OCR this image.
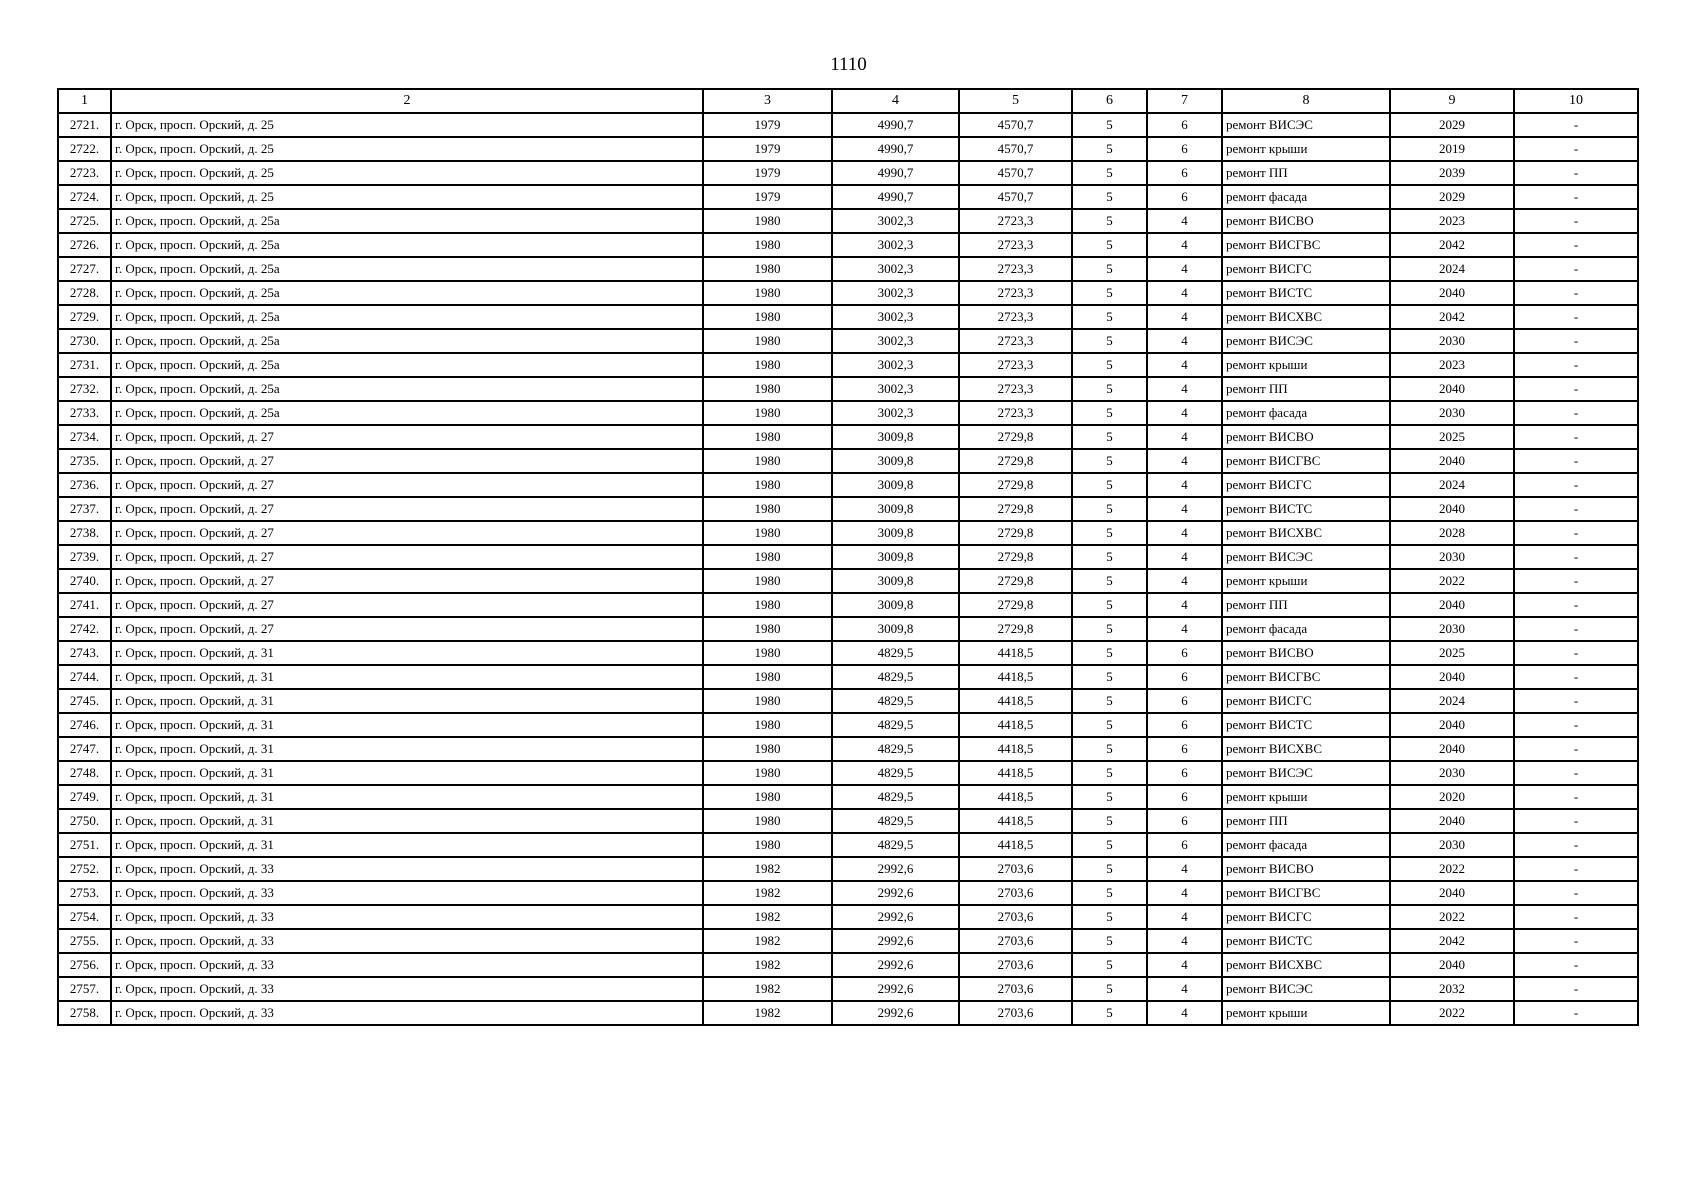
1110
1	2	3	4	5	6	7	8	9	10
2721.	г. Орск, просп. Орский, д. 25	1979	4990,7	4570,7	5	6	ремонт ВИСЭС	2029	-
2722.	г. Орск, просп. Орский, д. 25	1979	4990,7	4570,7	5	6	ремонт крыши	2019	-
2723.	г. Орск, просп. Орский, д. 25	1979	4990,7	4570,7	5	6	ремонт ПП	2039	-
2724.	г. Орск, просп. Орский, д. 25	1979	4990,7	4570,7	5	6	ремонт фасада	2029	-
2725.	г. Орск, просп. Орский, д. 25а	1980	3002,3	2723,3	5	4	ремонт ВИСВО	2023	-
2726.	г. Орск, просп. Орский, д. 25а	1980	3002,3	2723,3	5	4	ремонт ВИСГВС	2042	-
2727.	г. Орск, просп. Орский, д. 25а	1980	3002,3	2723,3	5	4	ремонт ВИСГС	2024	-
2728.	г. Орск, просп. Орский, д. 25а	1980	3002,3	2723,3	5	4	ремонт ВИСТС	2040	-
2729.	г. Орск, просп. Орский, д. 25а	1980	3002,3	2723,3	5	4	ремонт ВИСХВС	2042	-
2730.	г. Орск, просп. Орский, д. 25а	1980	3002,3	2723,3	5	4	ремонт ВИСЭС	2030	-
2731.	г. Орск, просп. Орский, д. 25а	1980	3002,3	2723,3	5	4	ремонт крыши	2023	-
2732.	г. Орск, просп. Орский, д. 25а	1980	3002,3	2723,3	5	4	ремонт ПП	2040	-
2733.	г. Орск, просп. Орский, д. 25а	1980	3002,3	2723,3	5	4	ремонт фасада	2030	-
2734.	г. Орск, просп. Орский, д. 27	1980	3009,8	2729,8	5	4	ремонт ВИСВО	2025	-
2735.	г. Орск, просп. Орский, д. 27	1980	3009,8	2729,8	5	4	ремонт ВИСГВС	2040	-
2736.	г. Орск, просп. Орский, д. 27	1980	3009,8	2729,8	5	4	ремонт ВИСГС	2024	-
2737.	г. Орск, просп. Орский, д. 27	1980	3009,8	2729,8	5	4	ремонт ВИСТС	2040	-
2738.	г. Орск, просп. Орский, д. 27	1980	3009,8	2729,8	5	4	ремонт ВИСХВС	2028	-
2739.	г. Орск, просп. Орский, д. 27	1980	3009,8	2729,8	5	4	ремонт ВИСЭС	2030	-
2740.	г. Орск, просп. Орский, д. 27	1980	3009,8	2729,8	5	4	ремонт крыши	2022	-
2741.	г. Орск, просп. Орский, д. 27	1980	3009,8	2729,8	5	4	ремонт ПП	2040	-
2742.	г. Орск, просп. Орский, д. 27	1980	3009,8	2729,8	5	4	ремонт фасада	2030	-
2743.	г. Орск, просп. Орский, д. 31	1980	4829,5	4418,5	5	6	ремонт ВИСВО	2025	-
2744.	г. Орск, просп. Орский, д. 31	1980	4829,5	4418,5	5	6	ремонт ВИСГВС	2040	-
2745.	г. Орск, просп. Орский, д. 31	1980	4829,5	4418,5	5	6	ремонт ВИСГС	2024	-
2746.	г. Орск, просп. Орский, д. 31	1980	4829,5	4418,5	5	6	ремонт ВИСТС	2040	-
2747.	г. Орск, просп. Орский, д. 31	1980	4829,5	4418,5	5	6	ремонт ВИСХВС	2040	-
2748.	г. Орск, просп. Орский, д. 31	1980	4829,5	4418,5	5	6	ремонт ВИСЭС	2030	-
2749.	г. Орск, просп. Орский, д. 31	1980	4829,5	4418,5	5	6	ремонт крыши	2020	-
2750.	г. Орск, просп. Орский, д. 31	1980	4829,5	4418,5	5	6	ремонт ПП	2040	-
2751.	г. Орск, просп. Орский, д. 31	1980	4829,5	4418,5	5	6	ремонт фасада	2030	-
2752.	г. Орск, просп. Орский, д. 33	1982	2992,6	2703,6	5	4	ремонт ВИСВО	2022	-
2753.	г. Орск, просп. Орский, д. 33	1982	2992,6	2703,6	5	4	ремонт ВИСГВС	2040	-
2754.	г. Орск, просп. Орский, д. 33	1982	2992,6	2703,6	5	4	ремонт ВИСГС	2022	-
2755.	г. Орск, просп. Орский, д. 33	1982	2992,6	2703,6	5	4	ремонт ВИСТС	2042	-
2756.	г. Орск, просп. Орский, д. 33	1982	2992,6	2703,6	5	4	ремонт ВИСХВС	2040	-
2757.	г. Орск, просп. Орский, д. 33	1982	2992,6	2703,6	5	4	ремонт ВИСЭС	2032	-
2758.	г. Орск, просп. Орский, д. 33	1982	2992,6	2703,6	5	4	ремонт крыши	2022	-
